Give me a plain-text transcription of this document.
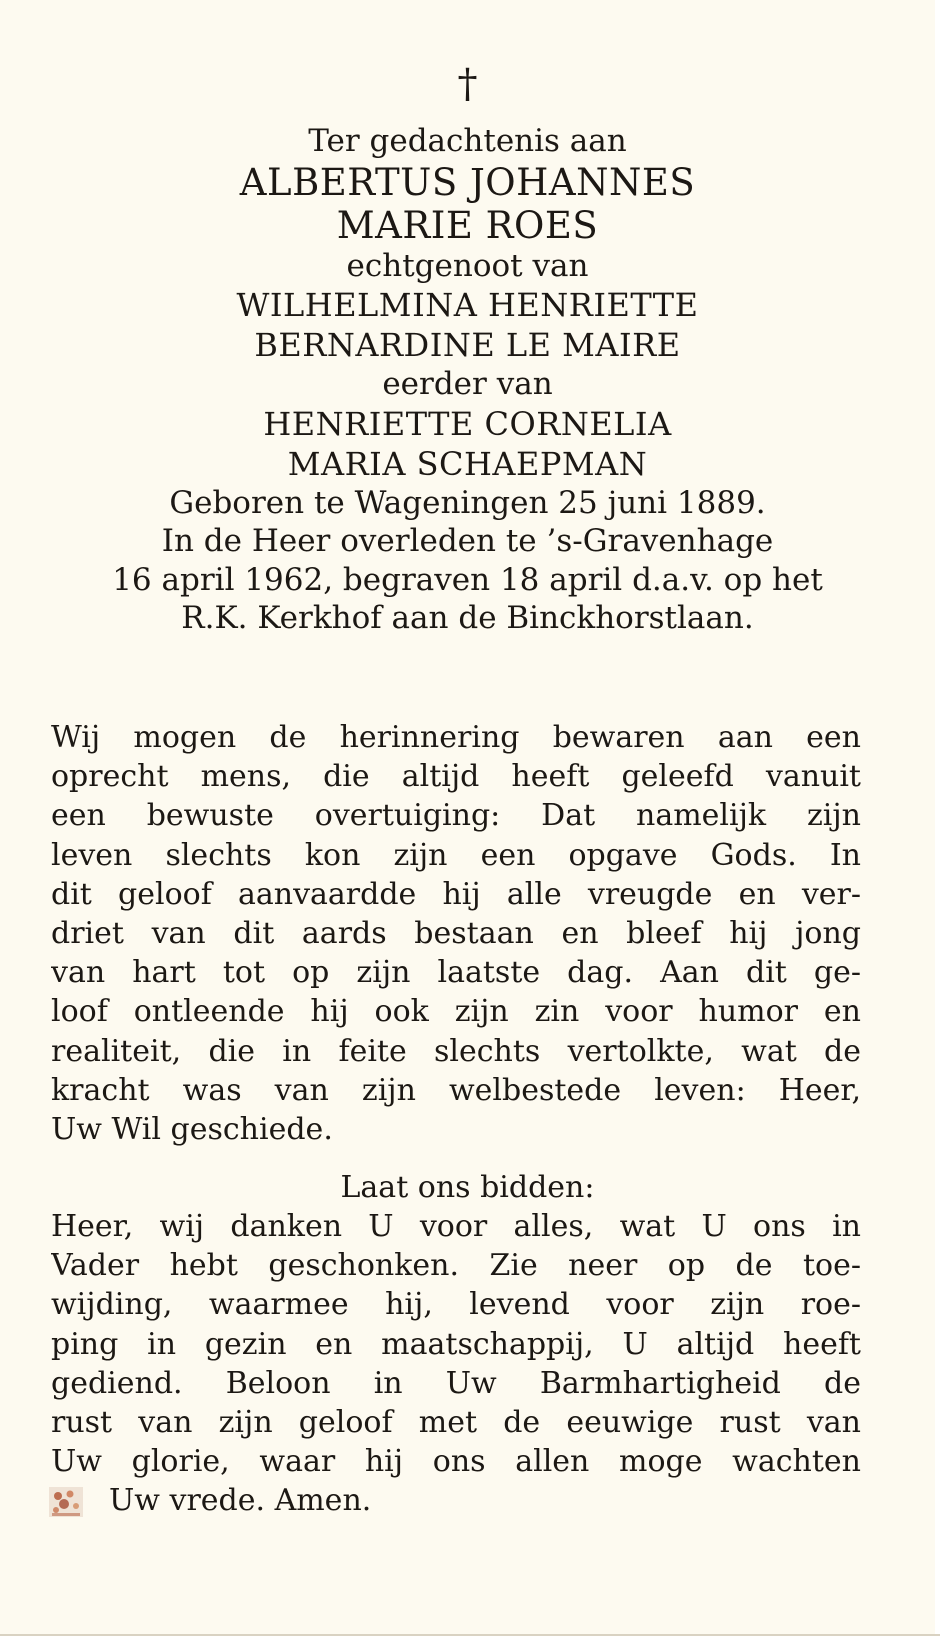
†
Ter gedachtenis aan
ALBERTUS JOHANNES
MARIE ROES
echtgenoot van
WILHELMINA HENRIETTE
BERNARDINE LE MAIRE
eerder van
HENRIETTE CORNELIA
MARIA SCHAEPMAN
Geboren te Wageningen 25 juni 1889.
In de Heer overleden te ’s-Gravenhage
16 april 1962, begraven 18 april d.a.v. op het
R.K. Kerkhof aan de Binckhorstlaan.
Wij mogen de herinnering bewaren aan een
oprecht mens, die altijd heeft geleefd vanuit
een bewuste overtuiging: Dat namelijk zijn
leven slechts kon zijn een opgave Gods. In
dit geloof aanvaardde hij alle vreugde en ver-
driet van dit aards bestaan en bleef hij jong
van hart tot op zijn laatste dag. Aan dit ge-
loof ontleende hij ook zijn zin voor humor en
realiteit, die in feite slechts vertolkte, wat de
kracht was van zijn welbestede leven: Heer,
Uw Wil geschiede.
Laat ons bidden:
Heer, wij danken U voor alles, wat U ons in
Vader hebt geschonken. Zie neer op de toe-
wijding, waarmee hij, levend voor zijn roe-
ping in gezin en maatschappij, U altijd heeft
gediend. Beloon in Uw Barmhartigheid de
rust van zijn geloof met de eeuwige rust van
Uw glorie, waar hij ons allen moge wachten
Uw vrede. Amen.
